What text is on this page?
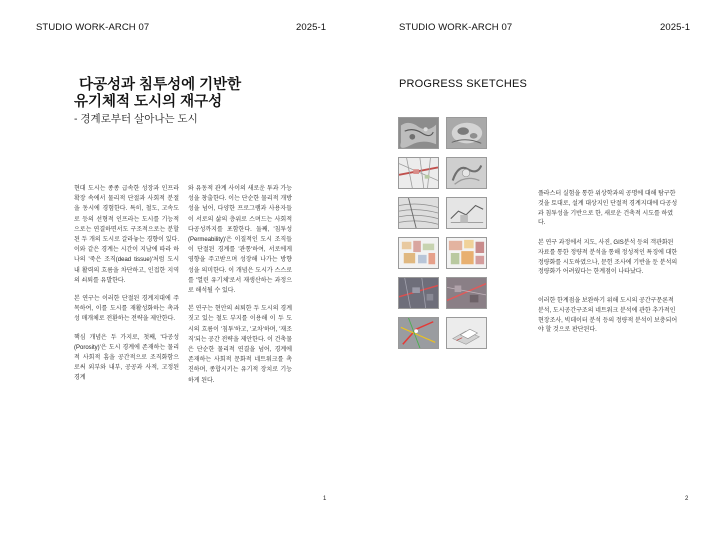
STUDIO WORK-ARCH 07	2025-1
다공성과 침투성에 기반한
유기체적 도시의 재구성
- 경계로부터 살아나는 도시

현대 도시는 종종 급속한 성장과 인프라 확장 속에서 물리적 단절과 사회적 분절을 동시에 경험한다. 특히, 철도, 고속도로 등의 선형적 인프라는 도시를 기능적으로는 연결하면서도 구조적으로는 분할된 두 개의 도시로 갈라놓는 경향이 있다. 이와 같은 경계는 시간이 지남에 따라 하나의 '죽은 조직(dead tissue)'처럼 도시 내 활력의 흐름을 차단하고, 인접한 지역의 쇠퇴를 유발한다.

본 연구는 이러한 단절된 경계지대에 주목하여, 이를 도시를 재활성화하는 촉과성 매개체로 전환하는 전략을 제안한다.

핵심 개념은 두 가지로, 첫째, '다공성(Porosity)'은 도시 경계에 존재하는 물리적 사회적 흠을 공간적으로 조직화함으로써 외부와 내부, 공공과 사적, 고정된 경계

와 유동적 관계 사이의 새로운 투과 가능성을 창출한다. 이는 단순한 물리적 개방성을 넘어, 다양한 프로그램과 사용자들이 서로의 삶의 층위로 스며드는 사회적 다공성까지를 포함한다. 둘째, '침투성(Permeability)'은 이질적인 도시 조직들이 단절된 경계를 '관통'하여, 서로에게 영향을 주고받으며 성장해 나가는 방향성을 의미한다. 이 개념은 도시가 스스로를 '열린 유기체'로서 재생산하는 과정으로 해석될 수 있다.

본 연구는 현안의 쇠퇴한 두 도시의 경계 짓고 있는 철도 부지를 이용해 이 두 도시의 흐름이 '침투'하고, '교차'하며, '재조직'되는 공간 전략을 제안한다. 이 건축물은 단순한 물리적 연결을 넘어, 경계에 존재하는 사회적 문화적 네트워크를 촉진하며, 종합시키는 유기적 장치로 기능하게 된다.

1
STUDIO WORK-ARCH 07	2025-1
PROGRESS SKETCHES
플라스터 실험을 통한 위상학과의 공명에 대해 탐구한 것을 토대로, 설계 대상지인 단절적 경계지대에 다공성과 침투성을 기반으로 한, 새로운 건축적 시도를 하였다.
본 연구 과정에서 지도, 사진, GIS분석 등의 객관화된 자료를 통한 정량적 분석을 통해 정성적인 특징에 대한 정량화를 시도하였으나, 문헌 조사에 기반을 둔 분석의 정량화가 어려웠다는 한계점이 나타났다.
이러한 한계점을 보완하기 위해 도시의 공간구문론적 분석, 도시공간구조의 네트워크 분석에 관한 추가적인 현장조사, 빅데이터 분석 등의 정량적 분석이 보충되어야 할 것으로 판단된다.
2
